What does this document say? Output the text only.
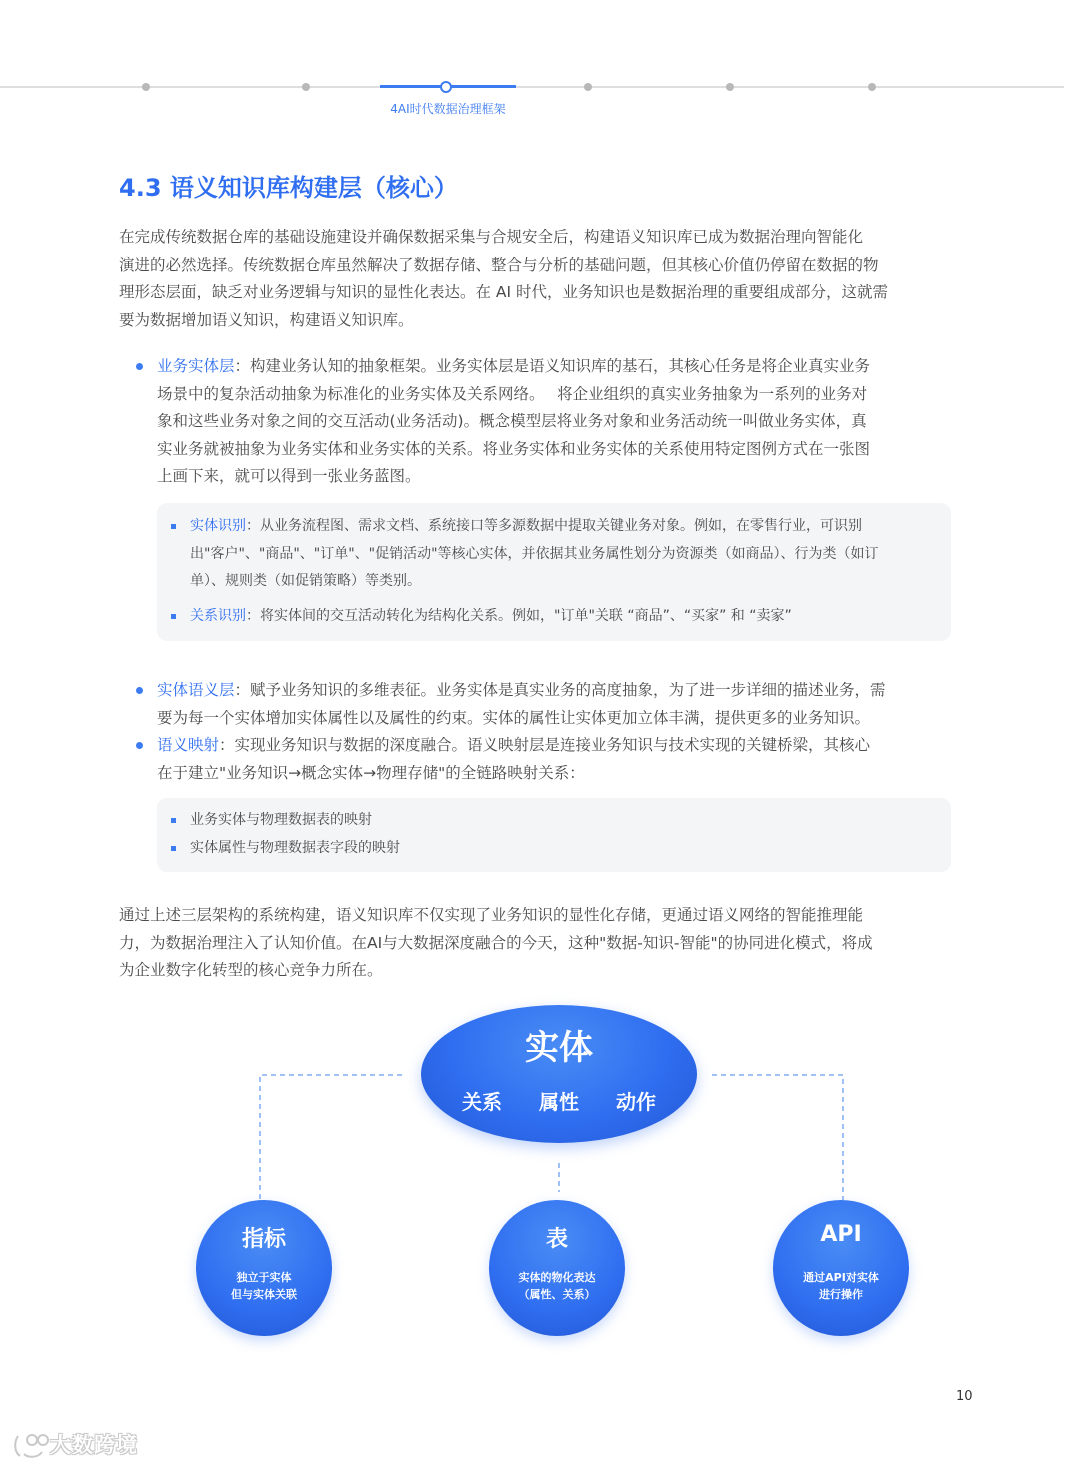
4AI时代数据治理框架
4.3 语义知识库构建层（核心）
在完成传统数据仓库的基础设施建设并确保数据采集与合规安全后，构建语义知识库已成为数据治理向智能化
演进的必然选择。传统数据仓库虽然解决了数据存储、整合与分析的基础问题，但其核心价值仍停留在数据的物
理形态层面，缺乏对业务逻辑与知识的显性化表达。在 AI 时代，业务知识也是数据治理的重要组成部分，这就需
要为数据增加语义知识，构建语义知识库。
业务实体层：构建业务认知的抽象框架。业务实体层是语义知识库的基石，其核心任务是将企业真实业务
场景中的复杂活动抽象为标准化的业务实体及关系网络。　 将企业组织的真实业务抽象为一系列的业务对
象和这些业务对象之间的交互活动(业务活动)。概念模型层将业务对象和业务活动统一叫做业务实体，真
实业务就被抽象为业务实体和业务实体的关系。将业务实体和业务实体的关系使用特定图例方式在一张图
上画下来，就可以得到一张业务蓝图。
实体识别：从业务流程图、需求文档、系统接口等多源数据中提取关键业务对象。例如，在零售行业，可识别
出"客户"、"商品"、"订单"、"促销活动"等核心实体，并依据其业务属性划分为资源类（如商品）、行为类（如订
单）、规则类（如促销策略）等类别。
关系识别：将实体间的交互活动转化为结构化关系。例如，"订单"关联 “商品”、“买家” 和 “卖家”
实体语义层：赋予业务知识的多维表征。业务实体是真实业务的高度抽象，为了进一步详细的描述业务，需
要为每一个实体增加实体属性以及属性的约束。实体的属性让实体更加立体丰满，提供更多的业务知识。
语义映射：实现业务知识与数据的深度融合。语义映射层是连接业务知识与技术实现的关键桥梁，其核心
在于建立"业务知识→概念实体→物理存储"的全链路映射关系：
业务实体与物理数据表的映射
实体属性与物理数据表字段的映射
通过上述三层架构的系统构建，语义知识库不仅实现了业务知识的显性化存储，更通过语义网络的智能推理能
力，为数据治理注入了认知价值。在AI与大数据深度融合的今天，这种"数据-知识-智能"的协同进化模式，将成
为企业数字化转型的核心竞争力所在。
实体
关系 属性 动作
指标
独立于实体
但与实体关联
表
实体的物化表达
（属性、关系）
API
通过API对实体
进行操作
10
大数跨境
